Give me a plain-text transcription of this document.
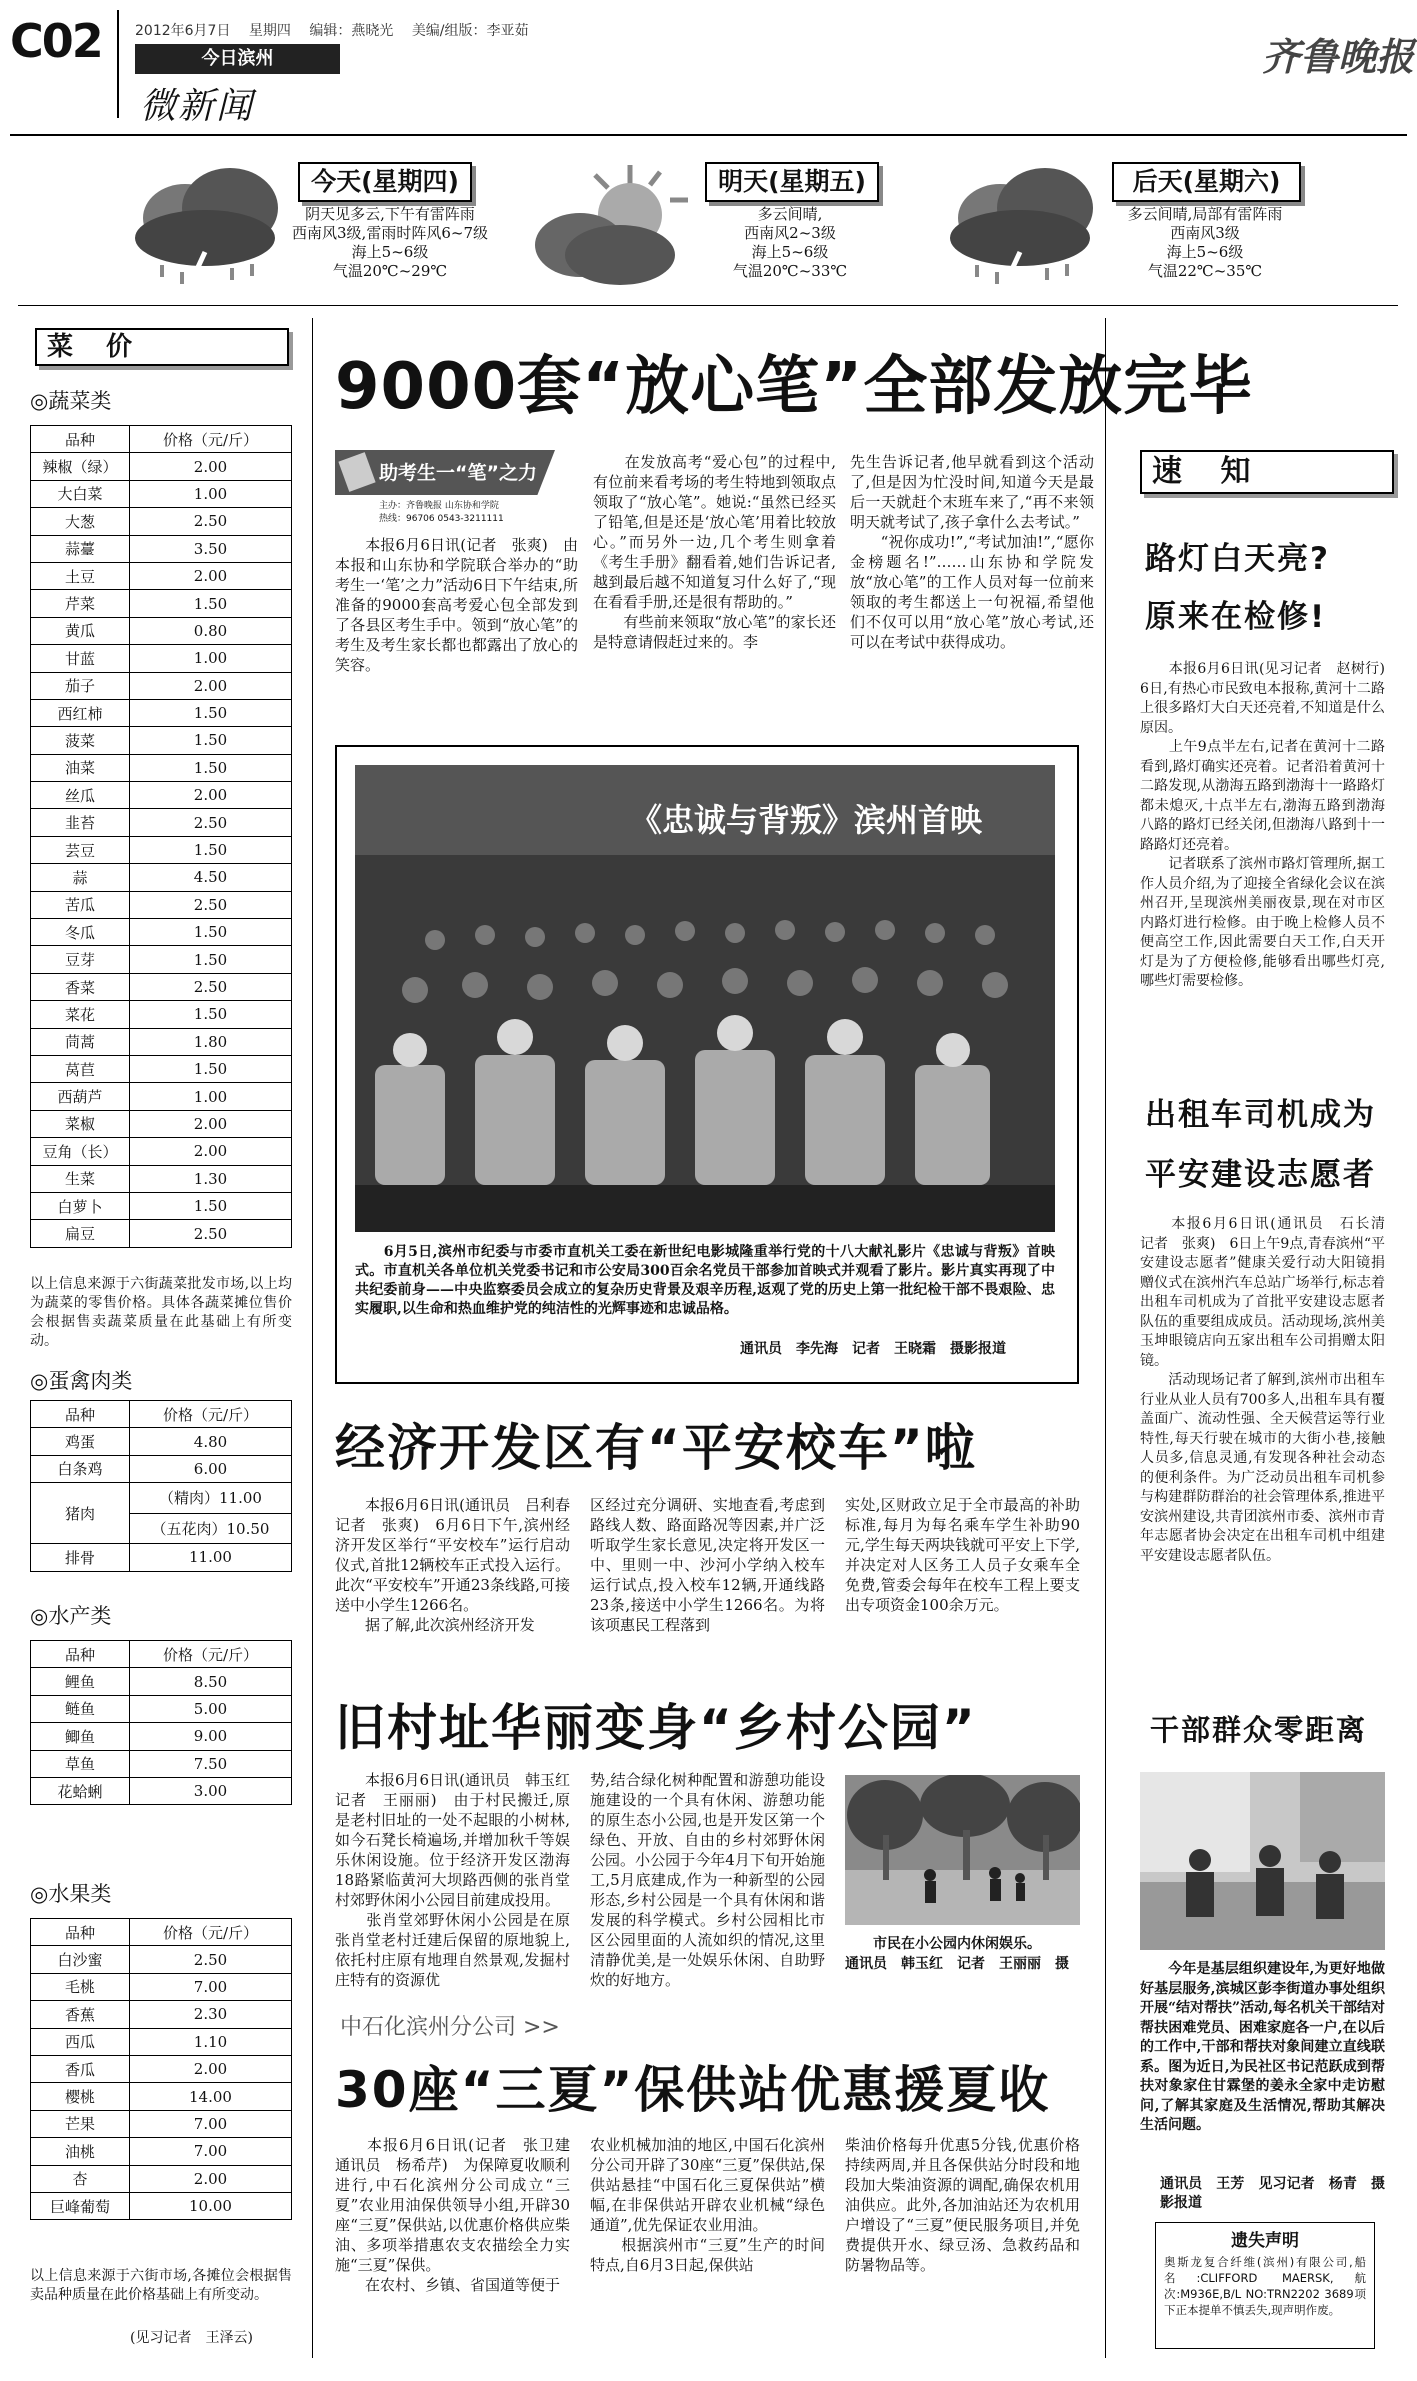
C02 2012年6月7日　 星期四　 编辑：燕晓光　 美编/组版：李亚茹
今日滨州
微新闻
齐鲁晚报
今天(星期四)
阴天见多云,下午有雷阵雨
西南风3级,雷雨时阵风6~7级
海上5~6级
气温20℃~29℃
明天(星期五)
多云间晴,
西南风2~3级
海上5~6级
气温20℃~33℃
后天(星期六)
多云间晴,局部有雷阵雨
西南风3级
海上5~6级
气温22℃~35℃
菜 价
◎蔬菜类
品种	价格（元/斤）
辣椒（绿）	2.00
大白菜	1.00
大葱	2.50
蒜薹	3.50
土豆	2.00
芹菜	1.50
黄瓜	0.80
甘蓝	1.00
茄子	2.00
西红柿	1.50
菠菜	1.50
油菜	1.50
丝瓜	2.00
韭苔	2.50
芸豆	1.50
蒜	4.50
苦瓜	2.50
冬瓜	1.50
豆芽	1.50
香菜	2.50
菜花	1.50
茼蒿	1.80
莴苣	1.50
西葫芦	1.00
菜椒	2.00
豆角（长）	2.00
生菜	1.30
白萝卜	1.50
扁豆	2.50

以上信息来源于六街蔬菜批发市场,以上均为蔬菜的零售价格。具体各蔬菜摊位售价会根据售卖蔬菜质量在此基础上有所变动。

◎蛋禽肉类
品种	价格（元/斤）
鸡蛋	4.80
白条鸡	6.00
猪肉	（精肉）11.00
	（五花肉）10.50
排骨	11.00
◎水产类
品种	价格（元/斤）
鲤鱼	8.50
鲢鱼	5.00
鲫鱼	9.00
草鱼	7.50
花蛤蜊	3.00
◎水果类
品种	价格（元/斤）
白沙蜜	2.50
毛桃	7.00
香蕉	2.30
西瓜	1.10
香瓜	2.00
樱桃	14.00
芒果	7.00
油桃	7.00
杏	2.00
巨峰葡萄	10.00

以上信息来源于六街市场,各摊位会根据售卖品种质量在此价格基础上有所变动。

(见习记者　王泽云)
9000套“放心笔”全部发放完毕
助考生一“笔”之力
主办：齐鲁晚报 山东协和学院
热线：96706 0543-3211111

　　本报6月6日讯(记者　张爽)　由本报和山东协和学院联合举办的“助考生一‘笔’之力”活动6日下午结束,所准备的9000套高考爱心包全部发到了各县区考生手中。领到“放心笔”的考生及考生家长都也都露出了放心的笑容。

　　在发放高考“爱心包”的过程中,有位前来看考场的考生特地到领取点领取了“放心笔”。她说:“虽然已经买了铅笔,但是还是‘放心笔’用着比较放心。”而另外一边,几个考生则拿着《考生手册》翻看着,她们告诉记者,越到最后越不知道复习什么好了,“现在看看手册,还是很有帮助的。”
　　有些前来领取“放心笔”的家长还是特意请假赶过来的。李

先生告诉记者,他早就看到这个活动了,但是因为忙没时间,知道今天是最后一天就赶个末班车来了,“再不来领明天就考试了,孩子拿什么去考试。”
　　“祝你成功!”,“考试加油!”,“愿你金榜题名!”……山东协和学院发放“放心笔”的工作人员对每一位前来领取的考生都送上一句祝福,希望他们不仅可以用“放心笔”放心考试,还可以在考试中获得成功。

《忠诚与背叛》滨州首映

　　6月5日,滨州市纪委与市委市直机关工委在新世纪电影城隆重举行党的十八大献礼影片《忠诚与背叛》首映式。市直机关各单位机关党委书记和市公安局300百余名党员干部参加首映式并观看了影片。影片真实再现了中共纪委前身——中央监察委员会成立的复杂历史背景及艰辛历程,返观了党的历史上第一批纪检干部不畏艰险、忠实履职,以生命和热血维护党的纯洁性的光辉事迹和忠诚品格。

通讯员　李先海　记者　王晓霜　摄影报道
经济开发区有“平安校车”啦

　　本报6月6日讯(通讯员　吕利春　记者　张爽)　6月6日下午,滨州经济开发区举行“平安校车”运行启动仪式,首批12辆校车正式投入运行。此次“平安校车”开通23条线路,可接送中小学生1266名。
　　据了解,此次滨州经济开发

区经过充分调研、实地查看,考虑到路线人数、路面路况等因素,并广泛听取学生家长意见,决定将开发区一中、里则一中、沙河小学纳入校车运行试点,投入校车12辆,开通线路23条,接送中小学生1266名。为将该项惠民工程落到

实处,区财政立足于全市最高的补助标准,每月为每名乘车学生补助90元,学生每天两块钱就可平安上下学,并决定对人区务工人员子女乘车全免费,管委会每年在校车工程上要支出专项资金100余万元。

旧村址华丽变身“乡村公园”

　　本报6月6日讯(通讯员　韩玉红　记者　王丽丽)　由于村民搬迁,原是老村旧址的一处不起眼的小树林,如今石凳长椅遍场,并增加秋千等娱乐休闲设施。位于经济开发区渤海18路紧临黄河大坝路西侧的张肖堂村郊野休闲小公园目前建成投用。
　　张肖堂郊野休闲小公园是在原张肖堂老村迁建后保留的原地貌上,依托村庄原有地理自然景观,发掘村庄特有的资源优

势,结合绿化树种配置和游憩功能设施建设的一个具有休闲、游憩功能的原生态小公园,也是开发区第一个绿色、开放、自由的乡村郊野休闲公园。小公园于今年4月下旬开始施工,5月底建成,作为一种新型的公园形态,乡村公园是一个具有休闲和谐发展的科学模式。乡村公园相比市区公园里面的人流如织的情况,这里清静优美,是一处娱乐休闲、自助野炊的好地方。

　　市民在小公园内休闲娱乐。

通讯员　韩玉红　记者　王丽丽　摄

中石化滨州分公司 >>
30座“三夏”保供站优惠援夏收

　　本报6月6日讯(记者　张卫建　通讯员　杨希芹)　为保障夏收顺利进行,中石化滨州分公司成立“三夏”农业用油保供领导小组,开辟30座“三夏”保供站,以优惠价格供应柴油、多项举措惠农支农描绘全力实施“三夏”保供。
　　在农村、乡镇、省国道等便于

农业机械加油的地区,中国石化滨州分公司开辟了30座“三夏”保供站,保供站悬挂“中国石化三夏保供站”横幅,在非保供站开辟农业机械“绿色通道”,优先保证农业用油。
　　根据滨州市“三夏”生产的时间特点,自6月3日起,保供站

柴油价格每升优惠5分钱,优惠价格持续两周,并且各保供站分时段和地段加大柴油资源的调配,确保农机用油供应。此外,各加油站还为农机用户增设了“三夏”便民服务项目,并免费提供开水、绿豆汤、急救药品和防暑物品等。

速 知
路灯白天亮?
原来在检修!

　　本报6月6日讯(见习记者　赵树行)　6日,有热心市民致电本报称,黄河十二路上很多路灯大白天还亮着,不知道是什么原因。
　　上午9点半左右,记者在黄河十二路看到,路灯确实还亮着。记者沿着黄河十二路发现,从渤海五路到渤海十一路路灯都未熄灭,十点半左右,渤海五路到渤海八路的路灯已经关闭,但渤海八路到十一路路灯还亮着。
　　记者联系了滨州市路灯管理所,据工作人员介绍,为了迎接全省绿化会议在滨州召开,呈现滨州美丽夜景,现在对市区内路灯进行检修。由于晚上检修人员不便高空工作,因此需要白天工作,白天开灯是为了方便检修,能够看出哪些灯亮,哪些灯需要检修。

出租车司机成为
平安建设志愿者

　　本报6月6日讯(通讯员　石长清　记者　张爽)　6日上午9点,青春滨州“平安建设志愿者”健康关爱行动大阳镜捐赠仪式在滨州汽车总站广场举行,标志着出租车司机成为了首批平安建设志愿者队伍的重要组成成员。活动现场,滨州美玉坤眼镜店向五家出租车公司捐赠太阳镜。
　　活动现场记者了解到,滨州市出租车行业从业人员有700多人,出租车具有覆盖面广、流动性强、全天候营运等行业特性,每天行驶在城市的大街小巷,接触人员多,信息灵通,有发现各种社会动态的便利条件。为广泛动员出租车司机参与构建群防群治的社会管理体系,推进平安滨州建设,共青团滨州市委、滨州市青年志愿者协会决定在出租车司机中组建平安建设志愿者队伍。

干部群众零距离

　　今年是基层组织建设年,为更好地做好基层服务,滨城区彭李街道办事处组织开展“结对帮扶”活动,每名机关干部结对帮扶困难党员、困难家庭各一户,在以后的工作中,干部和帮扶对象间建立直线联系。图为近日,为民社区书记范跃成到帮扶对象家住甘霖堡的姜永全家中走访慰问,了解其家庭及生活情况,帮助其解决生活问题。

通讯员　王芳　见习记者　杨青　摄影报道

遗失声明

奥斯龙复合纤维(滨州)有限公司,船名:CLIFFORD MAERSK,航次:M936E,B/L NO:TRN2202 3689项下正本提单不慎丢失,现声明作废。
